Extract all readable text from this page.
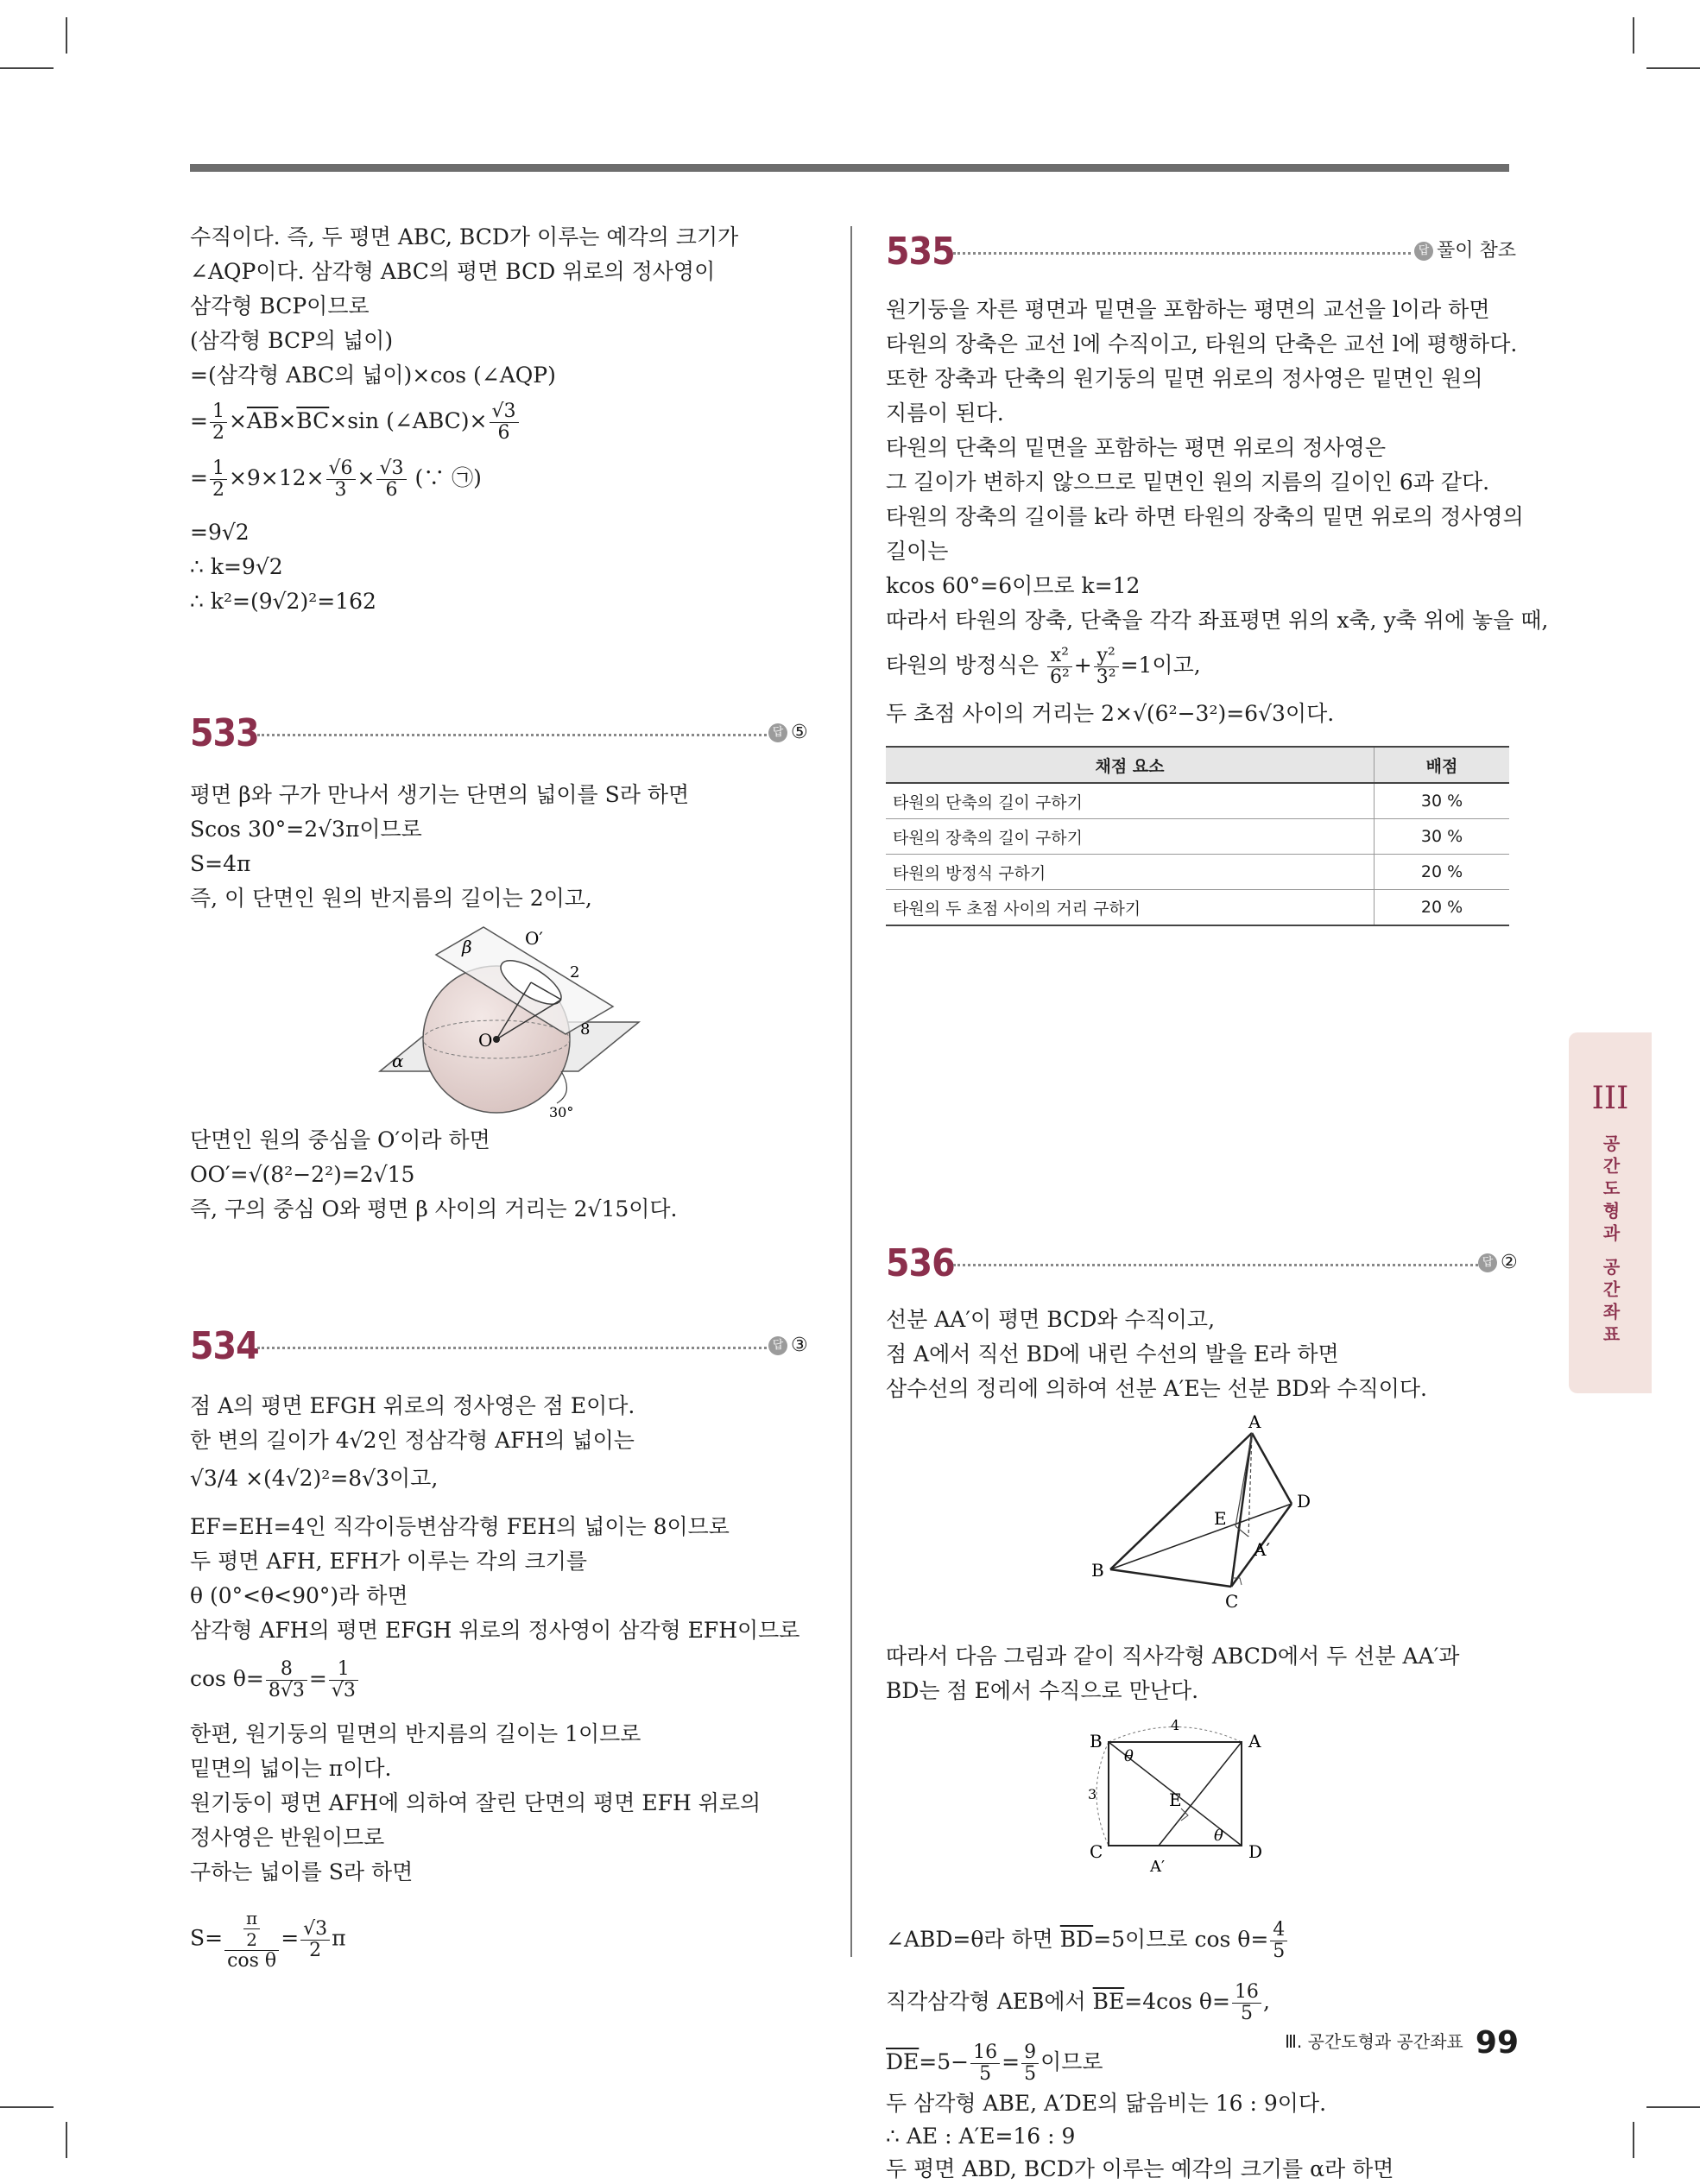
수직이다. 즉, 두 평면 ABC, BCD가 이루는 예각의 크기가
∠AQP이다. 삼각형 ABC의 평면 BCD 위로의 정사영이
삼각형 BCP이므로
(삼각형 BCP의 넓이)
=(삼각형 ABC의 넓이)×cos (∠AQP)
= $\frac{1}{2} \times\overline{AB}\times\overline{BC}\times\sin$ (∠ABC)× $\frac{√3}{6}$
= $\frac{1}{2} \times 9\times 12\times \frac{√6}{3} \times \frac{√3}{6}$ (∵ ㉠)
=9√2
∴ k=9√2
∴ k²=(9√2)²=162
533	답 ⑤
평면 β와 구가 만나서 생기는 단면의 넓이를 S라 하면
Scos 30°=2√3π이므로
S=4π
즉, 이 단면인 원의 반지름의 길이는 2이고,
β	O′
2
O
8
α
30°
단면인 원의 중심을 O′이라 하면
OO′=√(8²−2²)=2√15
즉, 구의 중심 O와 평면 β 사이의 거리는 2√15이다.
534	답 ③
점 A의 평면 EFGH 위로의 정사영은 점 E이다.
한 변의 길이가 4√2인 정삼각형 AFH의 넓이는
√3/4 ×(4√2)²=8√3이고,
EF=EH=4인 직각이등변삼각형 FEH의 넓이는 8이므로
두 평면 AFH, EFH가 이루는 각의 크기를
θ (0°<θ<90°)라 하면
삼각형 AFH의 평면 EFGH 위로의 정사영이 삼각형 EFH이므로
$\cos \theta= \frac{8}{8√3} = \frac{1}{√3}$
한편, 원기둥의 밑면의 반지름의 길이는 1이므로
밑면의 넓이는 π이다.
원기둥이 평면 AFH에 의하여 잘린 단면의 평면 EFH 위로의
정사영은 반원이므로
구하는 넓이를 S라 하면
$S= \frac{\frac{\pi}{2}}{\text{cos θ}} = \frac{√3}{2}$ π
535	답 풀이 참조
원기둥을 자른 평면과 밑면을 포함하는 평면의 교선을 l이라 하면
타원의 장축은 교선 l에 수직이고, 타원의 단축은 교선 l에 평행하다.
또한 장축과 단축의 원기둥의 밑면 위로의 정사영은 밑면인 원의
지름이 된다.
타원의 단축의 밑면을 포함하는 평면 위로의 정사영은
그 길이가 변하지 않으므로 밑면인 원의 지름의 길이인 6과 같다.
타원의 장축의 길이를 k라 하면 타원의 장축의 밑면 위로의 정사영의
길이는
kcos 60°=6이므로 k=12
따라서 타원의 장축, 단축을 각각 좌표평면 위의 x축, y축 위에 놓을 때,
타원의 방정식은 $\frac{\text{x²}}{\text{6²}} + \frac{\text{y²}}{\text{3²}} =1$이고,
두 초점 사이의 거리는 2×√(6²−3²)=6√3이다.
채점 요소	배점
타원의 단축의 길이 구하기	30 %
타원의 장축의 길이 구하기	30 %
타원의 방정식 구하기	20 %
타원의 두 초점 사이의 거리 구하기	20 %
536	답 ②
선분 AA′이 평면 BCD와 수직이고,
점 A에서 직선 BD에 내린 수선의 발을 E라 하면
삼수선의 정리에 의하여 선분 A′E는 선분 BD와 수직이다.
A
D
E
A′
B
C
따라서 다음 그림과 같이 직사각형 ABCD에서 두 선분 AA′과
BD는 점 E에서 수직으로 만난다.
B	A
C	D
E
A′
4
3
θ
θ
∠ABD=θ라 하면 $\overline{BD}=5$이므로 $\cos \theta= \frac{4}{5}$
직각삼각형 AEB에서 $\overline{BE}=4\cos$ $\theta= \frac{16}{5}$ ,
$\overline{DE}=5- \frac{16}{5} = \frac{9}{5}$ 이므로
두 삼각형 ABE, A′DE의 닮음비는 16 : 9이다.
∴ AE : A′E=16 : 9
두 평면 ABD, BCD가 이루는 예각의 크기를 α라 하면
III
공간도형과 공간좌표
Ⅲ. 공간도형과 공간좌표 99
